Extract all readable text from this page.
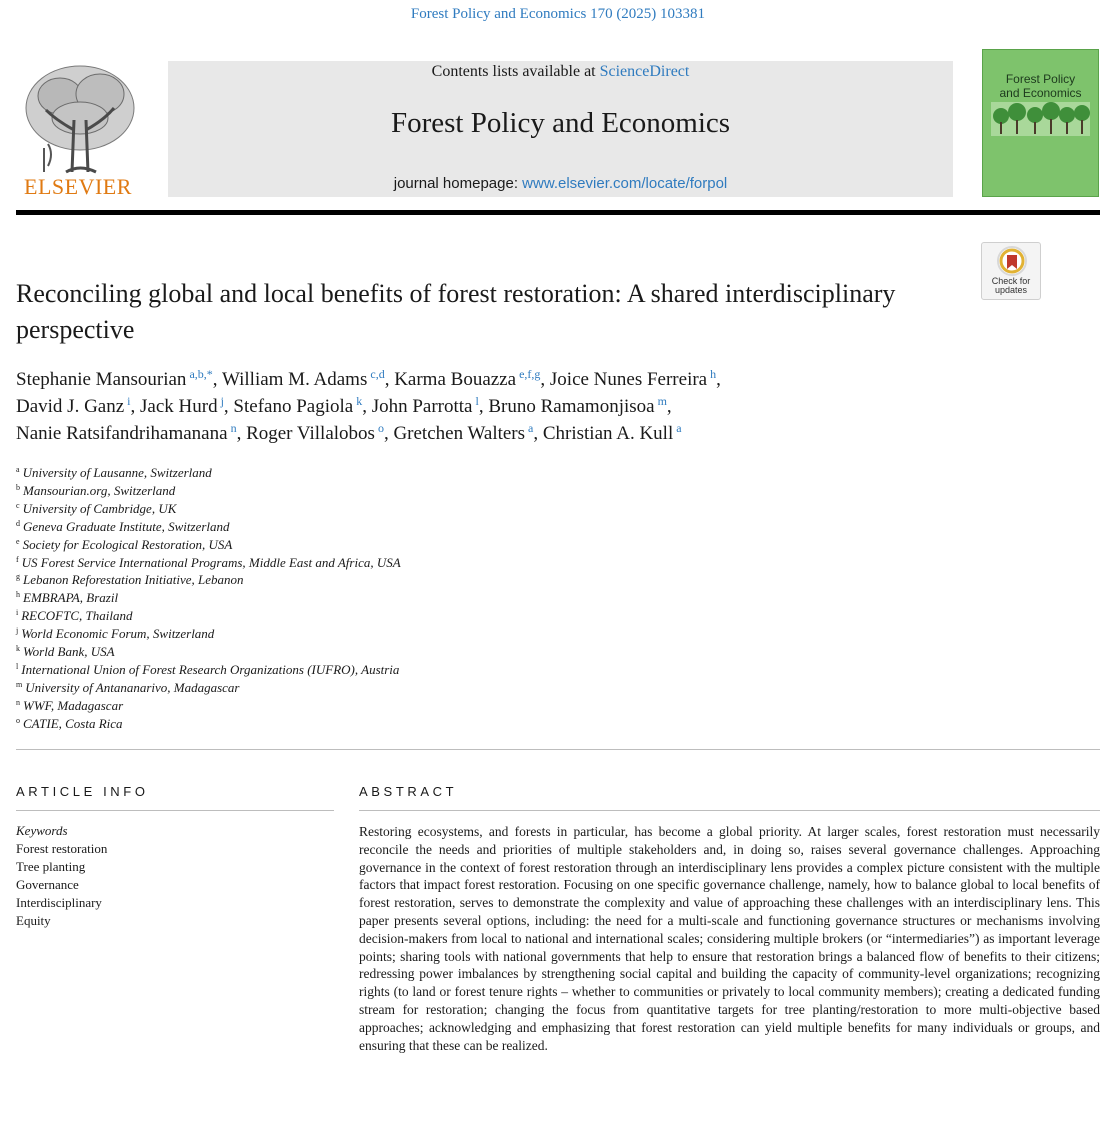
Forest Policy and Economics 170 (2025) 103381
ELSEVIER
Contents lists available at ScienceDirect
Forest Policy and Economics
journal homepage: www.elsevier.com/locate/forpol
Forest Policy
and Economics
Check for
updates
Reconciling global and local benefits of forest restoration: A shared interdisciplinary perspective
Stephanie Mansourian $^{a,b,*}$, William M. Adams $^{c,d}$, Karma Bouazza $^{e,f,g}$, Joice Nunes Ferreira $^h$,
David J. Ganz $^i$, Jack Hurd $^j$, Stefano Pagiola $^k$, John Parrotta $^l$, Bruno Ramamonjisoa $^m$,
Nanie Ratsifandrihamanana $^n$, Roger Villalobos $^o$, Gretchen Walters $^a$, Christian A. Kull $^a$
$^a$ University of Lausanne, Switzerland
$^b$ Mansourian.org, Switzerland
$^c$ University of Cambridge, UK
$^d$ Geneva Graduate Institute, Switzerland
$^e$ Society for Ecological Restoration, USA
$^f$ US Forest Service International Programs, Middle East and Africa, USA
$^g$ Lebanon Reforestation Initiative, Lebanon
$^h$ EMBRAPA, Brazil
$^i$ RECOFTC, Thailand
$^j$ World Economic Forum, Switzerland
$^k$ World Bank, USA
$^l$ International Union of Forest Research Organizations (IUFRO), Austria
$^m$ University of Antananarivo, Madagascar
$^n$ WWF, Madagascar
$^o$ CATIE, Costa Rica
ARTICLE INFO	ABSTRACT
Keywords
Forest restoration
Tree planting
Governance
Interdisciplinary
Equity
Restoring ecosystems, and forests in particular, has become a global priority. At larger scales, forest restoration must necessarily reconcile the needs and priorities of multiple stakeholders and, in doing so, raises several governance challenges. Approaching governance in the context of forest restoration through an interdisciplinary lens provides a complex picture consistent with the multiple factors that impact forest restoration. Focusing on one specific governance challenge, namely, how to balance global to local benefits of forest restoration, serves to demonstrate the complexity and value of approaching these challenges with an interdisciplinary lens. This paper presents several options, including: the need for a multi-scale and functioning governance structures or mechanisms involving decision-makers from local to national and international scales; considering multiple brokers (or “intermediaries”) as important leverage points; sharing tools with national governments that help to ensure that restoration brings a balanced flow of benefits to their citizens; redressing power imbalances by strengthening social capital and building the capacity of community-level organizations; recognizing rights (to land or forest tenure rights – whether to communities or privately to local community members); creating a dedicated funding stream for restoration; changing the focus from quantitative targets for tree planting/restoration to more multi-objective based approaches; acknowledging and emphasizing that forest restoration can yield multiple benefits for many individuals or groups, and ensuring that these can be realized.
